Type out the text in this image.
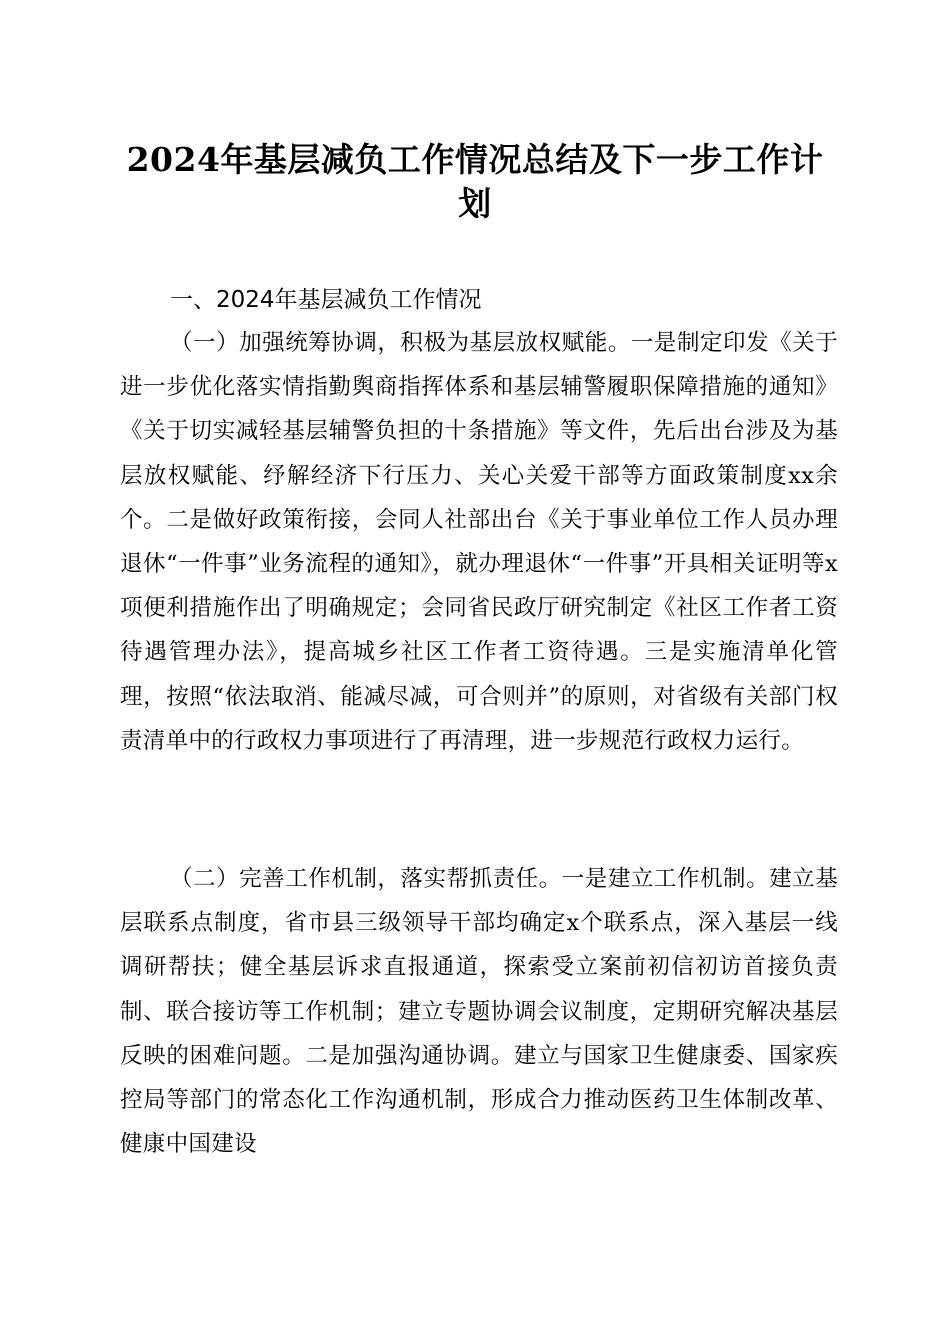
2024年基层减负工作情况总结及下一步工作计划
一、2024年基层减负工作情况

（一）加强统筹协调，积极为基层放权赋能。一是制定印发《关于进一步优化落实情指勤舆商指挥体系和基层辅警履职保障措施的通知》《关于切实减轻基层辅警负担的十条措施》等文件，先后出台涉及为基层放权赋能、纾解经济下行压力、关心关爱干部等方面政策制度xx余个。二是做好政策衔接，会同人社部出台《关于事业单位工作人员办理退休“一件事”业务流程的通知》，就办理退休“一件事”开具相关证明等x项便利措施作出了明确规定；会同省民政厅研究制定《社区工作者工资待遇管理办法》，提高城乡社区工作者工资待遇。三是实施清单化管理，按照“依法取消、能减尽减，可合则并”的原则，对省级有关部门权责清单中的行政权力事项进行了再清理，进一步规范行政权力运行。

（二）完善工作机制，落实帮抓责任。一是建立工作机制。建立基层联系点制度，省市县三级领导干部均确定x个联系点，深入基层一线调研帮扶；健全基层诉求直报通道，探索受立案前初信初访首接负责制、联合接访等工作机制；建立专题协调会议制度，定期研究解决基层反映的困难问题。二是加强沟通协调。建立与国家卫生健康委、国家疾控局等部门的常态化工作沟通机制，形成合力推动医药卫生体制改革、健康中国建设
